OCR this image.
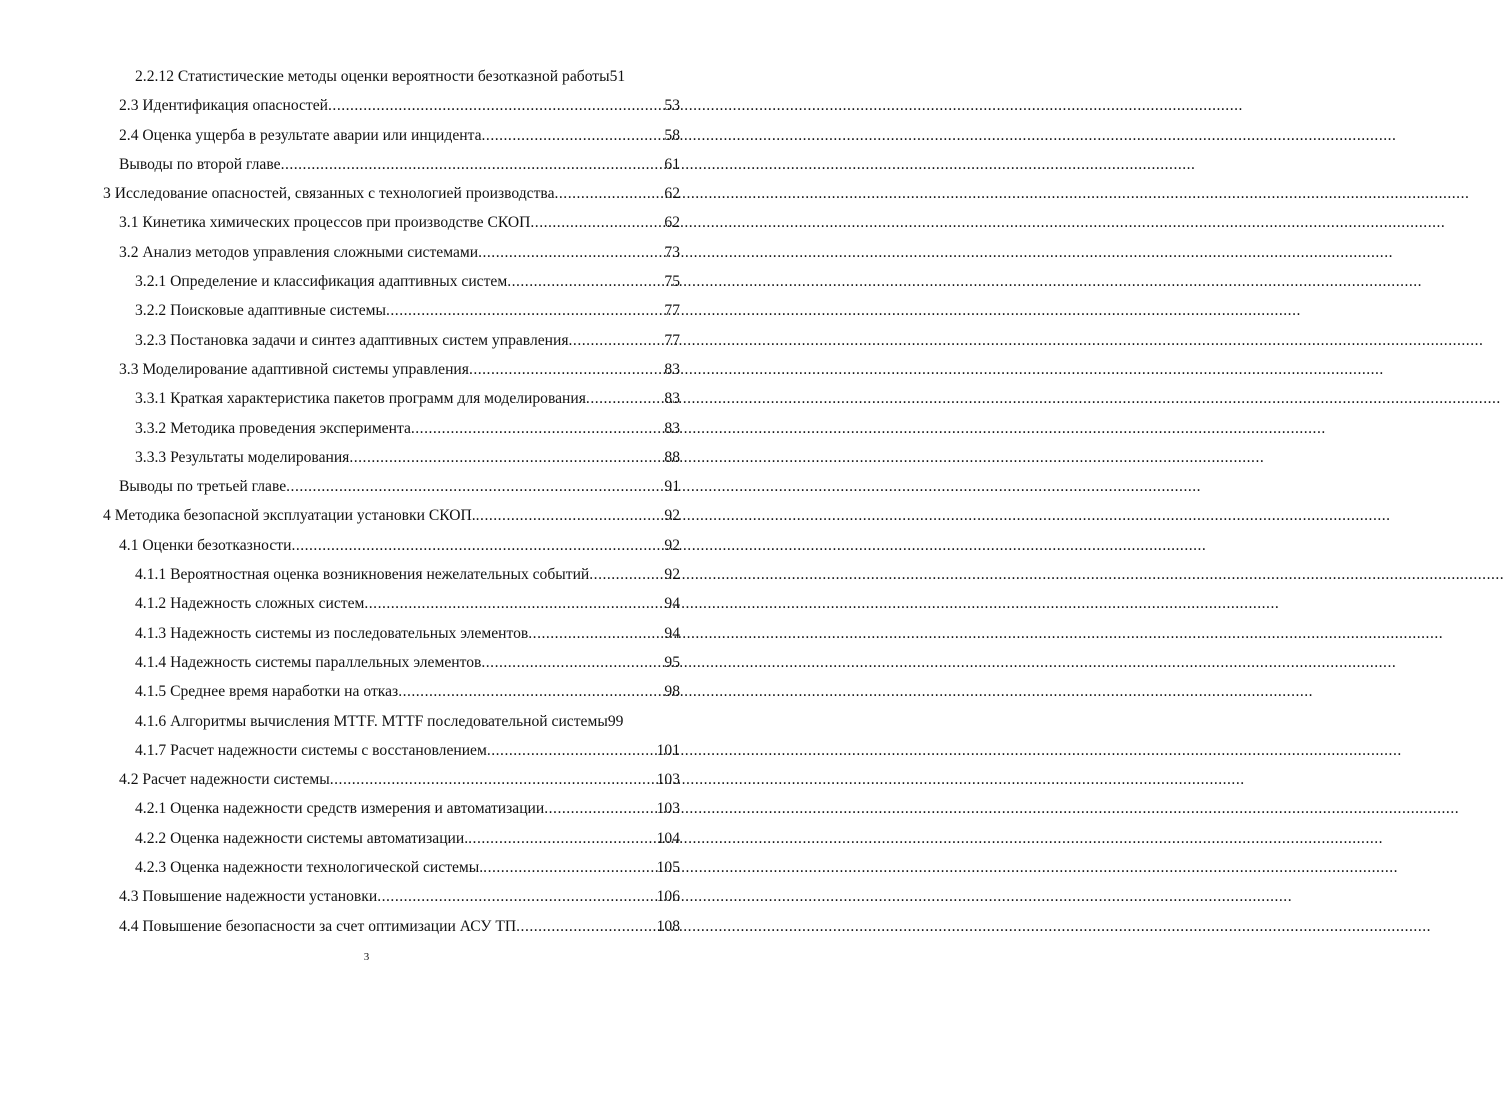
2.2.12 Статистические методы оценки вероятности безотказной работы 51
2.3 Идентификация опасностей .....	53
2.4 Оценка ущерба в результате аварии или инцидента .....	58
Выводы по второй главе .....	61
3 Исследование опасностей, связанных с технологией производства .....	62
3.1 Кинетика химических процессов при производстве СКОП .....	62
3.2 Анализ методов управления сложными системами .....	73
3.2.1 Определение и классификация адаптивных систем .....	75
3.2.2 Поисковые адаптивные системы .....	77
3.2.3 Постановка задачи и синтез адаптивных систем управления .....	77
3.3 Моделирование адаптивной системы управления .....	83
3.3.1 Краткая характеристика пакетов программ для моделирования .....	83
3.3.2 Методика проведения эксперимента .....	83
3.3.3 Результаты моделирования .....	88
Выводы по третьей главе .....	91
4 Методика безопасной эксплуатации установки СКОП. .....	92
4.1 Оценки безотказности .....	92
4.1.1 Вероятностная оценка возникновения нежелательных событий .....	92
4.1.2 Надежность сложных систем .....	94
4.1.3 Надежность системы из последовательных элементов .....	94
4.1.4 Надежность системы параллельных элементов .....	95
4.1.5 Среднее время наработки на отказ .....	98
4.1.6 Алгоритмы вычисления MTTF. MTTF последовательной системы 99
4.1.7 Расчет надежности системы с восстановлением .....	101
4.2 Расчет надежности системы .....	103
4.2.1 Оценка надежности средств измерения и автоматизации .....	103
4.2.2 Оценка надежности системы автоматизации. .....	104
4.2.3 Оценка надежности технологической системы. .....	105
4.3 Повышение надежности установки .....	106
4.4 Повышение безопасности за счет оптимизации АСУ ТП .....	108
3
